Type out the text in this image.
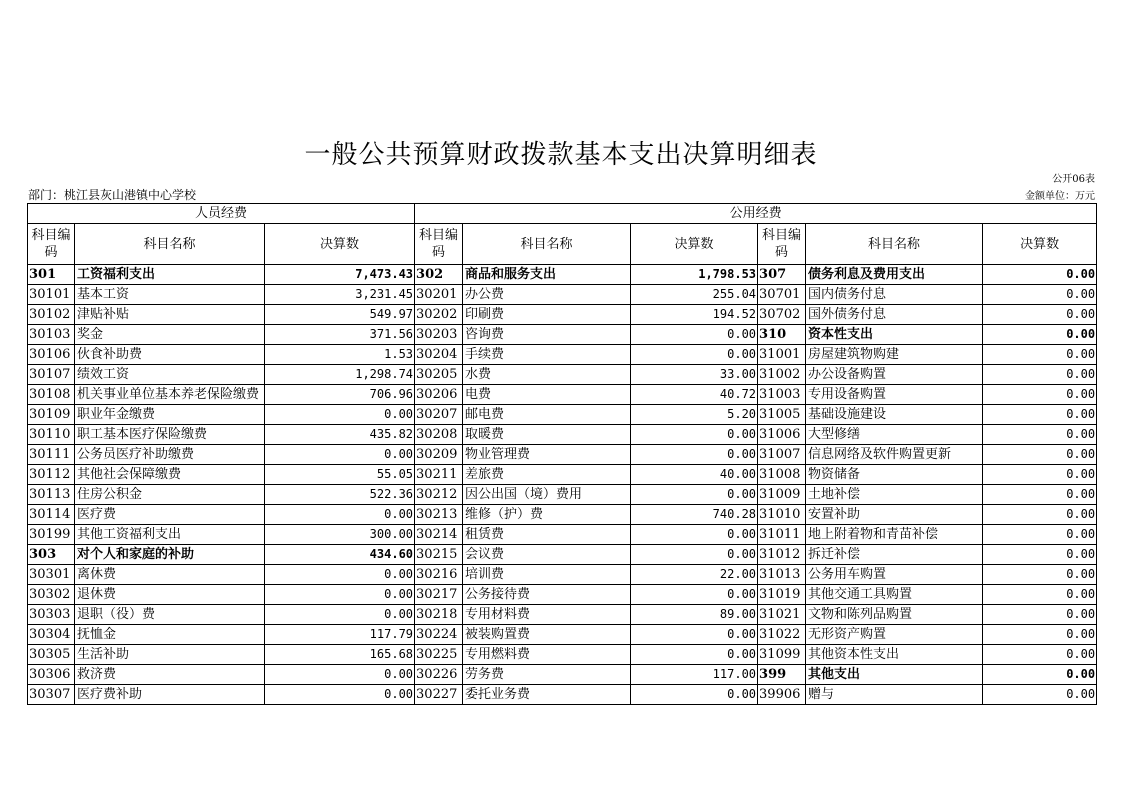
一般公共预算财政拨款基本支出决算明细表
公开06表
部门：桃江县灰山港镇中心学校	金额单位：万元
人员经费			公用经费					
科目编码	科目名称	决算数	科目编码	科目名称	决算数	科目编码	科目名称	决算数
301	工资福利支出	7,473.43	302	商品和服务支出	1,798.53	307	债务利息及费用支出	0.00
30101	基本工资	3,231.45	30201	办公费	255.04	30701	国内债务付息	0.00
30102	津贴补贴	549.97	30202	印刷费	194.52	30702	国外债务付息	0.00
30103	奖金	371.56	30203	咨询费	0.00	310	资本性支出	0.00
30106	伙食补助费	1.53	30204	手续费	0.00	31001	房屋建筑物购建	0.00
30107	绩效工资	1,298.74	30205	水费	33.00	31002	办公设备购置	0.00
30108	机关事业单位基本养老保险缴费	706.96	30206	电费	40.72	31003	专用设备购置	0.00
30109	职业年金缴费	0.00	30207	邮电费	5.20	31005	基础设施建设	0.00
30110	职工基本医疗保险缴费	435.82	30208	取暖费	0.00	31006	大型修缮	0.00
30111	公务员医疗补助缴费	0.00	30209	物业管理费	0.00	31007	信息网络及软件购置更新	0.00
30112	其他社会保障缴费	55.05	30211	差旅费	40.00	31008	物资储备	0.00
30113	住房公积金	522.36	30212	因公出国（境）费用	0.00	31009	土地补偿	0.00
30114	医疗费	0.00	30213	维修（护）费	740.28	31010	安置补助	0.00
30199	其他工资福利支出	300.00	30214	租赁费	0.00	31011	地上附着物和青苗补偿	0.00
303	对个人和家庭的补助	434.60	30215	会议费	0.00	31012	拆迁补偿	0.00
30301	离休费	0.00	30216	培训费	22.00	31013	公务用车购置	0.00
30302	退休费	0.00	30217	公务接待费	0.00	31019	其他交通工具购置	0.00
30303	退职（役）费	0.00	30218	专用材料费	89.00	31021	文物和陈列品购置	0.00
30304	抚恤金	117.79	30224	被装购置费	0.00	31022	无形资产购置	0.00
30305	生活补助	165.68	30225	专用燃料费	0.00	31099	其他资本性支出	0.00
30306	救济费	0.00	30226	劳务费	117.00	399	其他支出	0.00
30307	医疗费补助	0.00	30227	委托业务费	0.00	39906	赠与	0.00
